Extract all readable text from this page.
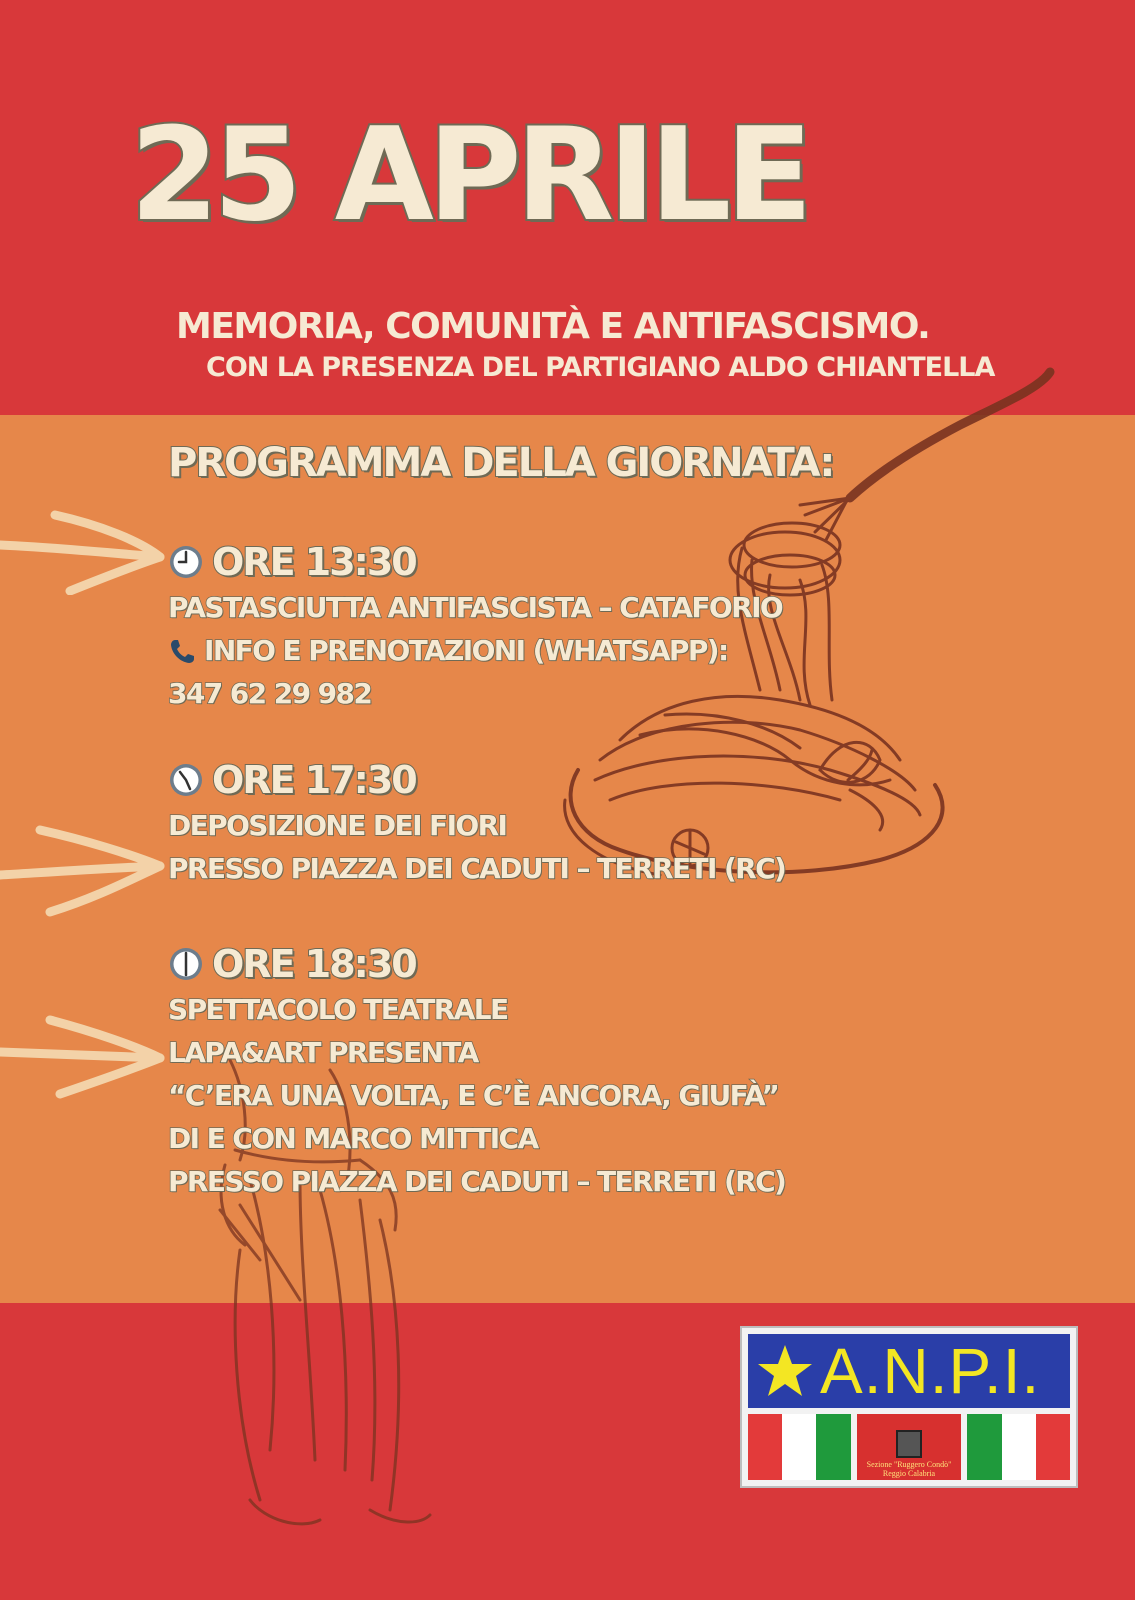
25 APRILE
MEMORIA, COMUNITÀ E ANTIFASCISMO.
CON LA PRESENZA DEL PARTIGIANO ALDO CHIANTELLA
PROGRAMMA DELLA GIORNATA:
ORE 13:30
PASTASCIUTTA ANTIFASCISTA – CATAFORIO
INFO E PRENOTAZIONI (WHATSAPP):
347 62 29 982
ORE 17:30
DEPOSIZIONE DEI FIORI
PRESSO PIAZZA DEI CADUTI – TERRETI (RC)
ORE 18:30
SPETTACOLO TEATRALE
LAPA&ART PRESENTA
“C’ERA UNA VOLTA, E C’È ANCORA, GIUFÀ”
DI E CON MARCO MITTICA
PRESSO PIAZZA DEI CADUTI – TERRETI (RC)
A.N.P.I.
Sezione "Ruggero Condò"
Reggio Calabria
